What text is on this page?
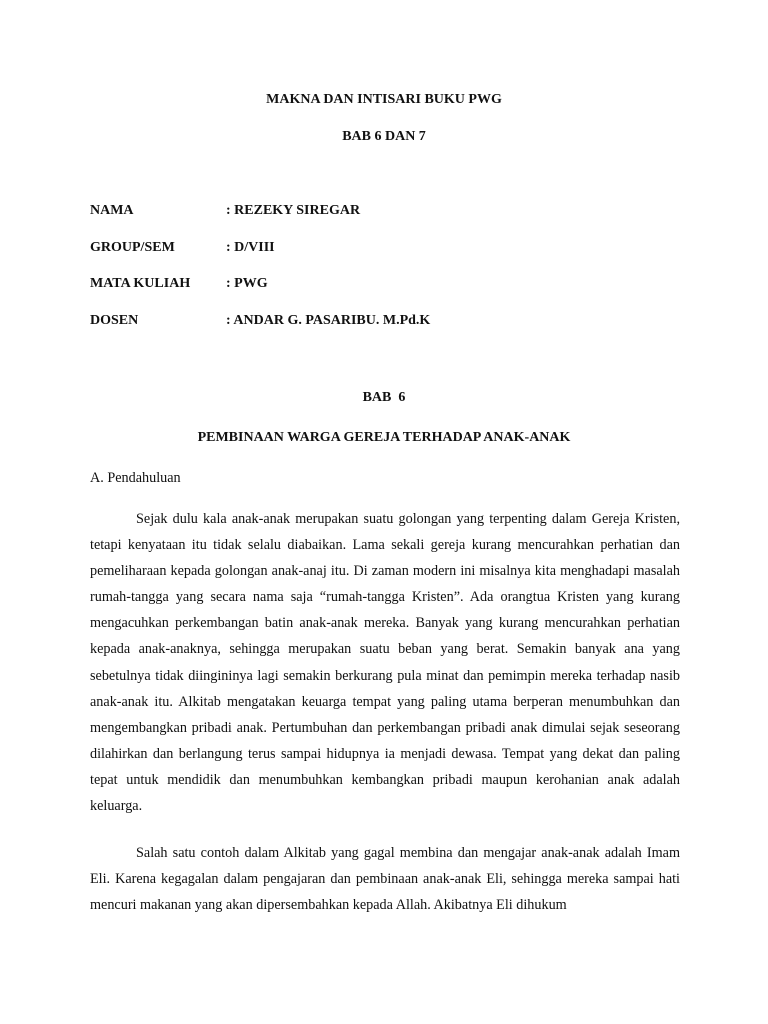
MAKNA DAN INTISARI BUKU PWG

BAB 6 DAN 7

NAMA	: REZEKY SIREGAR
GROUP/SEM	: D/VIII
MATA KULIAH	: PWG
DOSEN	: ANDAR G. PASARIBU. M.Pd.K

BAB  6

PEMBINAAN WARGA GEREJA TERHADAP ANAK-ANAK

A. Pendahuluan

Sejak dulu kala anak-anak merupakan suatu golongan yang terpenting dalam Gereja Kristen, tetapi kenyataan itu tidak selalu diabaikan. Lama sekali gereja kurang mencurahkan perhatian dan pemeliharaan kepada golongan anak-anaj itu. Di zaman modern ini misalnya kita menghadapi masalah rumah-tangga yang secara nama saja “rumah-tangga Kristen”. Ada orangtua Kristen yang kurang mengacuhkan perkembangan batin anak-anak mereka. Banyak yang kurang mencurahkan perhatian kepada anak-anaknya, sehingga merupakan suatu beban yang berat. Semakin banyak ana yang sebetulnya tidak diingininya lagi semakin berkurang pula minat dan pemimpin mereka terhadap nasib anak-anak itu. Alkitab mengatakan keuarga tempat yang paling utama berperan menumbuhkan dan mengembangkan pribadi anak. Pertumbuhan dan perkembangan pribadi anak dimulai sejak seseorang dilahirkan dan berlangung terus sampai hidupnya ia menjadi dewasa. Tempat yang dekat dan paling tepat untuk mendidik dan menumbuhkan kembangkan pribadi maupun kerohanian anak adalah keluarga.

Salah satu contoh dalam Alkitab yang gagal membina dan mengajar anak-anak adalah Imam Eli. Karena kegagalan dalam pengajaran dan pembinaan anak-anak Eli, sehingga mereka sampai hati mencuri makanan yang akan dipersembahkan kepada Allah. Akibatnya Eli dihukum
